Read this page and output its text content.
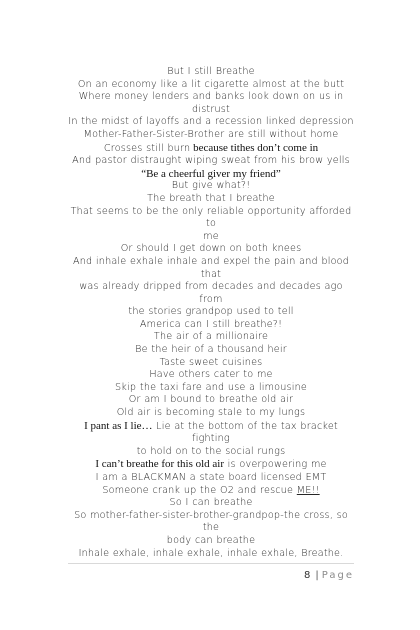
But I still Breathe
On an economy like a lit cigarette almost at the butt
Where money lenders and banks look down on us in
distrust
In the midst of layoffs and a recession linked depression
Mother-Father-Sister-Brother are still without home
Crosses still burn because tithes don’t come in
And pastor distraught wiping sweat from his brow yells
“Be a cheerful giver my friend”
But give what?!
The breath that I breathe
That seems to be the only reliable opportunity afforded to
me
Or should I get down on both knees
And inhale exhale inhale and expel the pain and blood that
was already dripped from decades and decades ago from
the stories grandpop used to tell
America can I still breathe?!
The air of a millionaire
Be the heir of a thousand heir
Taste sweet cuisines
Have others cater to me
Skip the taxi fare and use a limousine
Or am I bound to breathe old air
Old air is becoming stale to my lungs
I pant as I lie… Lie at the bottom of the tax bracket fighting
to hold on to the social rungs
I can’t breathe for this old air is overpowering me
I am a BLACKMAN a state board licensed EMT
Someone crank up the O2 and rescue ME!!
So I can breathe
So mother-father-sister-brother-grandpop-the cross, so the
body can breathe
Inhale exhale, inhale exhale, inhale exhale, Breathe.
8 | Page
